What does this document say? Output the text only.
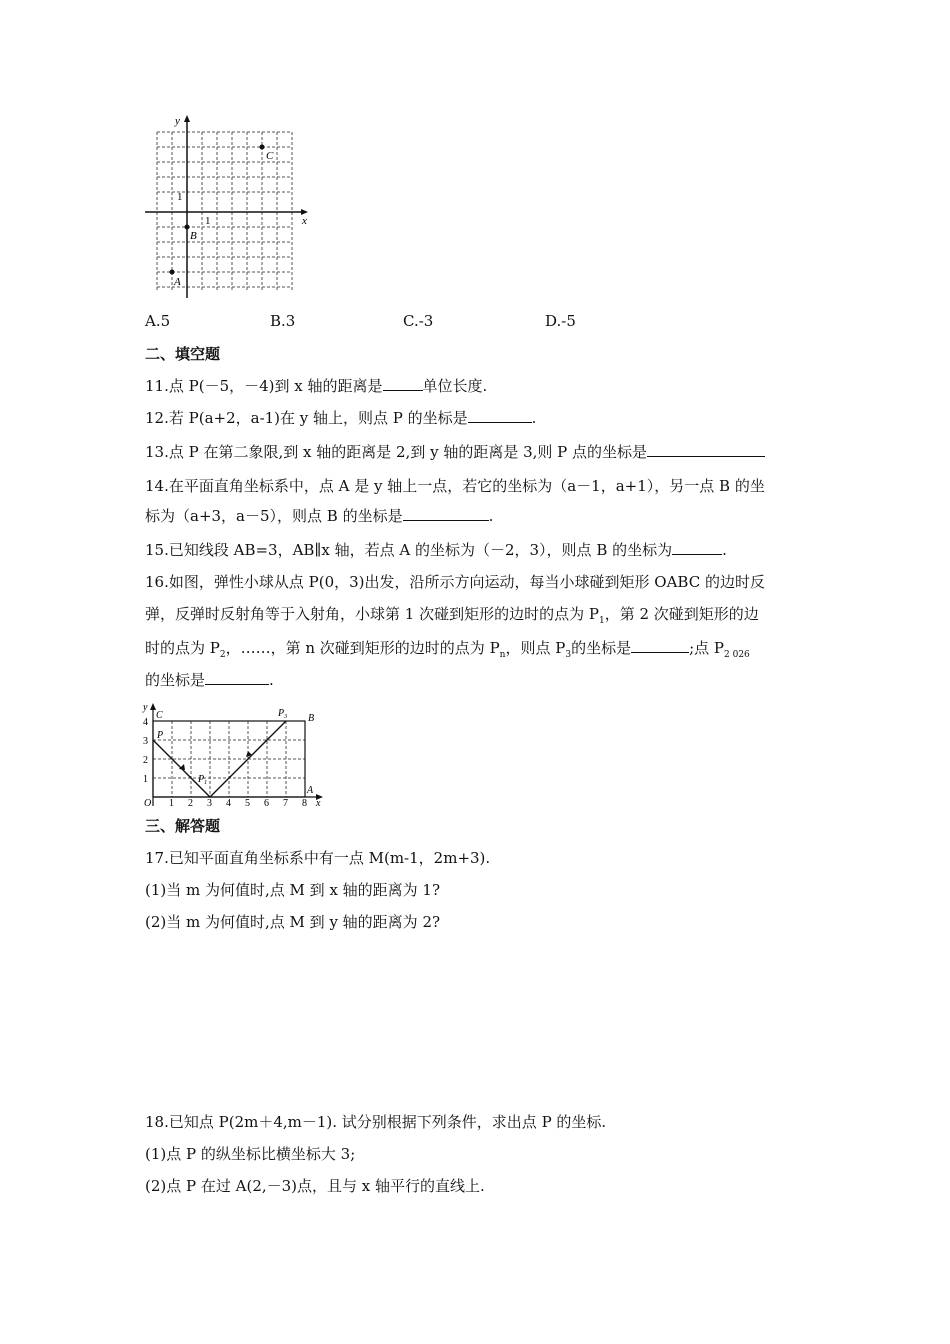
x
y
1
1
C
B
A
A.5	B.3	C.-3	D.-5
二、填空题
11.点 P(－5，－4)到 x 轴的距离是	单位长度.
12.若 P(a+2，a-1)在 y 轴上，则点 P 的坐标是	.
13.点 P 在第二象限,到 x 轴的距离是 2,到 y 轴的距离是 3,则 P 点的坐标是
14.在平面直角坐标系中，点 A 是 y 轴上一点，若它的坐标为（a－1，a+1），另一点 B 的坐
标为（a+3，a－5），则点 B 的坐标是	.
15.已知线段 AB=3，AB∥x 轴，若点 A 的坐标为（－2，3），则点 B 的坐标为	.
16.如图，弹性小球从点 P(0，3)出发，沿所示方向运动，每当小球碰到矩形 OABC 的边时反
弹，反弹时反射角等于入射角，小球第 1 次碰到矩形的边时的点为 $P_1$，第 2 次碰到矩形的边
时的点为 $P_2$，……，第 n 次碰到矩形的边时的点为 $P_n$，则点 $P_3$的坐标是	;点 $P_{2 026}$
的坐标是	.
y
x
O
1
2
3
4
1 2 3 4 5 6 7 8
C	B
A
P
$P_1$
$P_3$
三、解答题
17.已知平面直角坐标系中有一点 M(m-1，2m+3).
(1)当 m 为何值时,点 M 到 x 轴的距离为 1?
(2)当 m 为何值时,点 M 到 y 轴的距离为 2?
18.已知点 P(2m＋4,m－1). 试分别根据下列条件，求出点 P 的坐标.
(1)点 P 的纵坐标比横坐标大 3;
(2)点 P 在过 A(2,－3)点，且与 x 轴平行的直线上.
